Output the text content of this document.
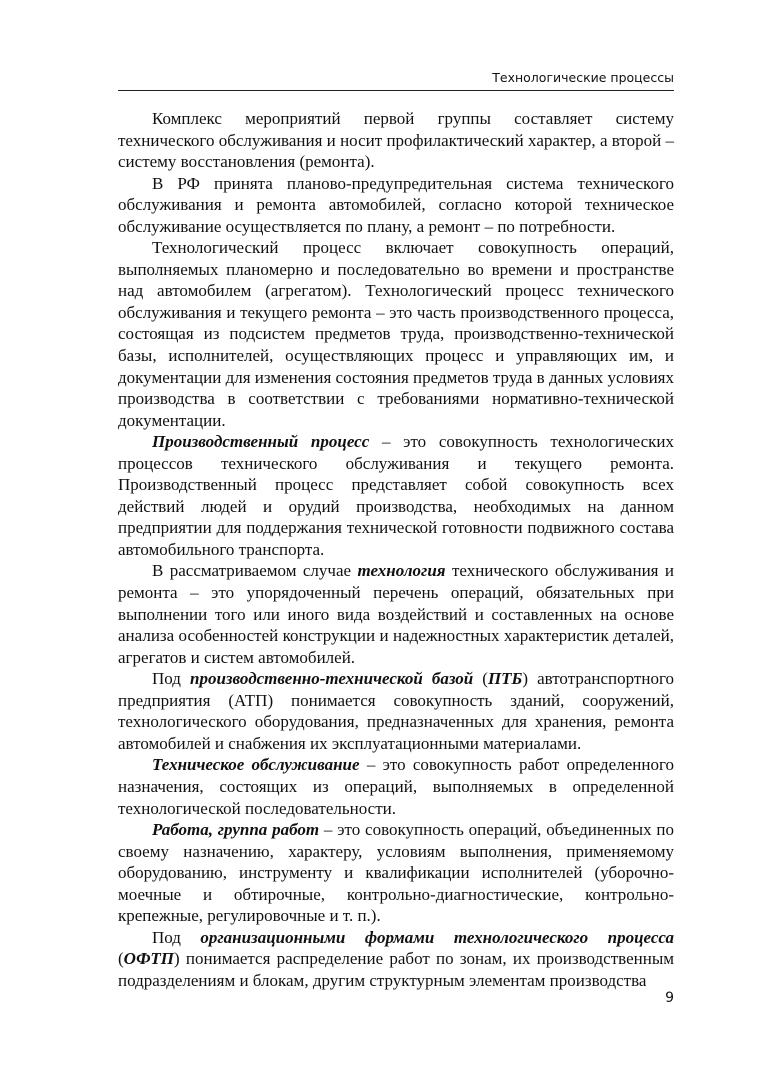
Технологические процессы

Комплекс мероприятий первой группы составляет систему технического обслуживания и носит профилактический характер, а второй – систему восстановления (ремонта).

В РФ принята планово-предупредительная система технического обслуживания и ремонта автомобилей, согласно которой техническое обслуживание осуществляется по плану, а ремонт – по потребности.

Технологический процесс включает совокупность операций, выполняемых планомерно и последовательно во времени и пространстве над автомобилем (агрегатом). Технологический процесс технического обслуживания и текущего ремонта – это часть производственного процесса, состоящая из подсистем предметов труда, производственно-технической базы, исполнителей, осуществляющих процесс и управляющих им, и документации для изменения состояния предметов труда в данных условиях производства в соответствии с требованиями нормативно-технической документации.

Производственный процесс – это совокупность технологических процессов технического обслуживания и текущего ремонта. Производственный процесс представляет собой совокупность всех действий людей и орудий производства, необходимых на данном предприятии для поддержания технической готовности подвижного состава автомобильного транспорта.

В рассматриваемом случае технология технического обслуживания и ремонта – это упорядоченный перечень операций, обязательных при выполнении того или иного вида воздействий и составленных на основе анализа особенностей конструкции и надежностных характеристик деталей, агрегатов и систем автомобилей.

Под производственно-технической базой (ПТБ) автотранспортного предприятия (АТП) понимается совокупность зданий, сооружений, технологического оборудования, предназначенных для хранения, ремонта автомобилей и снабжения их эксплуатационными материалами.

Техническое обслуживание – это совокупность работ определенного назначения, состоящих из операций, выполняемых в определенной технологической последовательности.

Работа, группа работ – это совокупность операций, объединенных по своему назначению, характеру, условиям выполнения, применяемому оборудованию, инструменту и квалификации исполнителей (уборочно-моечные и обтирочные, контрольно-диагностические, контрольно-крепежные, регулировочные и т. п.).

Под организационными формами технологического процесса (ОФТП) понимается распределение работ по зонам, их производственным подразделениям и блокам, другим структурным элементам производства

9
